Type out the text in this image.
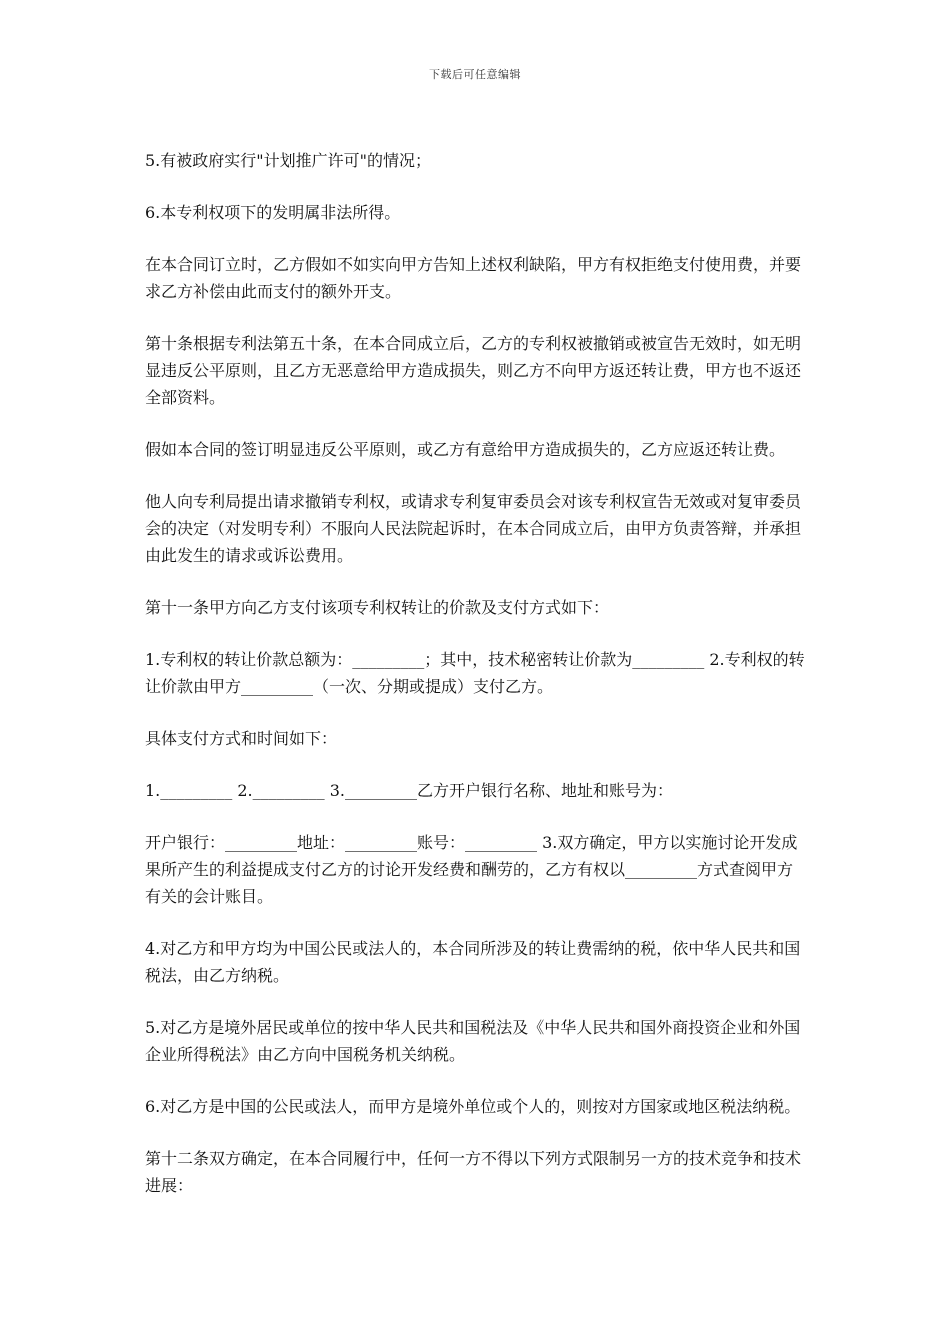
下载后可任意编辑

5.有被政府实行"计划推广许可"的情况；

6.本专利权项下的发明属非法所得。

在本合同订立时，乙方假如不如实向甲方告知上述权利缺陷，甲方有权拒绝支付使用费，并要求乙方补偿由此而支付的额外开支。

第十条根据专利法第五十条，在本合同成立后，乙方的专利权被撤销或被宣告无效时，如无明显违反公平原则，且乙方无恶意给甲方造成损失，则乙方不向甲方返还转让费，甲方也不返还全部资料。

假如本合同的签订明显违反公平原则，或乙方有意给甲方造成损失的，乙方应返还转让费。

他人向专利局提出请求撤销专利权，或请求专利复审委员会对该专利权宣告无效或对复审委员会的决定（对发明专利）不服向人民法院起诉时，在本合同成立后，由甲方负责答辩，并承担由此发生的请求或诉讼费用。

第十一条甲方向乙方支付该项专利权转让的价款及支付方式如下：

1.专利权的转让价款总额为：_________；其中，技术秘密转让价款为_________ 2.专利权的转让价款由甲方_________（一次、分期或提成）支付乙方。

具体支付方式和时间如下：

1._________ 2._________ 3._________乙方开户银行名称、地址和账号为：

开户银行：_________地址：_________账号：_________ 3.双方确定，甲方以实施讨论开发成果所产生的利益提成支付乙方的讨论开发经费和酬劳的，乙方有权以_________方式查阅甲方有关的会计账目。

4.对乙方和甲方均为中国公民或法人的，本合同所涉及的转让费需纳的税，依中华人民共和国税法，由乙方纳税。

5.对乙方是境外居民或单位的按中华人民共和国税法及《中华人民共和国外商投资企业和外国企业所得税法》由乙方向中国税务机关纳税。

6.对乙方是中国的公民或法人，而甲方是境外单位或个人的，则按对方国家或地区税法纳税。

第十二条双方确定，在本合同履行中，任何一方不得以下列方式限制另一方的技术竞争和技术进展：
